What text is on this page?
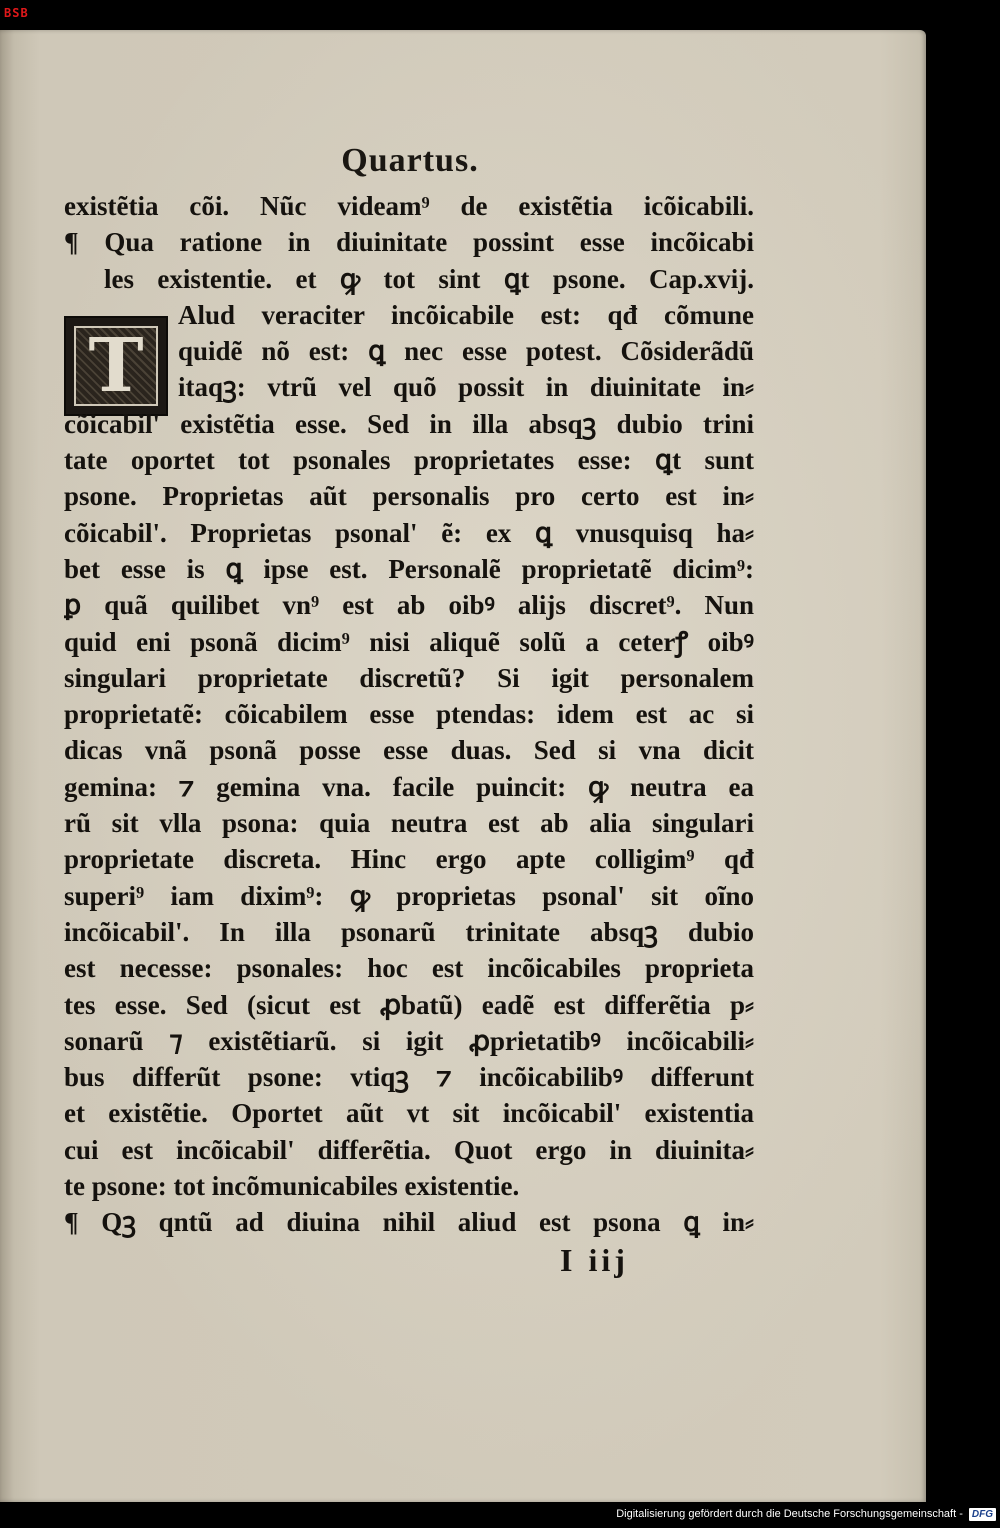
BSB
Quartus.
T
existẽtia cõi. Nũc videam⁹ de existẽtia icõicabili.
¶ Qua ratione in diuinitate possint esse incõicabi
les existentie. et ꝙ tot sint ꝗt psone. Cap.xvij.
Alud veraciter incõicabile est: qđ cõmune
quidẽ nõ est: ꝗ nec esse potest. Cõsiderãdũ
itaqꝫ: vtrũ vel quõ possit in diuinitate in⸗
cõicabil' existẽtia esse. Sed in illa absqꝫ dubio trini
tate oportet tot psonales proprietates esse: ꝗt sunt
psone. Proprietas aũt personalis pro certo est in⸗
cõicabil'. Proprietas psonal' ẽ: ex ꝗ vnusquisq ha⸗
bet esse is ꝗ ipse est. Personalẽ proprietatẽ dicim⁹:
ꝑ quã quilibet vn⁹ est ab oibꝰ alijs discret⁹. Nun
quid eni psonã dicim⁹ nisi aliquẽ solũ a ceterꝭ oibꝰ
singulari proprietate discretũ? Si igit personalem
proprietatẽ: cõicabilem esse ptendas: idem est ac si
dicas vnã psonã posse esse duas. Sed si vna dicit
gemina: ⁊ gemina vna. facile puincit: ꝙ neutra ea
rũ sit vlla psona: quia neutra est ab alia singulari
proprietate discreta. Hinc ergo apte colligim⁹ qđ
superi⁹ iam dixim⁹: ꝙ proprietas psonal' sit oĩno
incõicabil'. In illa psonarũ trinitate absqꝫ dubio
est necesse: psonales: hoc est incõicabiles proprieta
tes esse. Sed (sicut est ꝓbatũ) eadẽ est differẽtia p⸗
sonarũ ⁊ existẽtiarũ. si igit ꝓprietatibꝰ incõicabili⸗
bus differũt psone: vtiqꝫ ⁊ incõicabilibꝰ differunt
et existẽtie. Oportet aũt vt sit incõicabil' existentia
cui est incõicabil' differẽtia. Quot ergo in diuinita⸗
te psone: tot incõmunicabiles existentie.
¶ Qꝫ qntũ ad diuina nihil aliud est psona ꝗ in⸗
I iij
Digitalisierung gefördert durch die Deutsche Forschungsgemeinschaft - DFG
